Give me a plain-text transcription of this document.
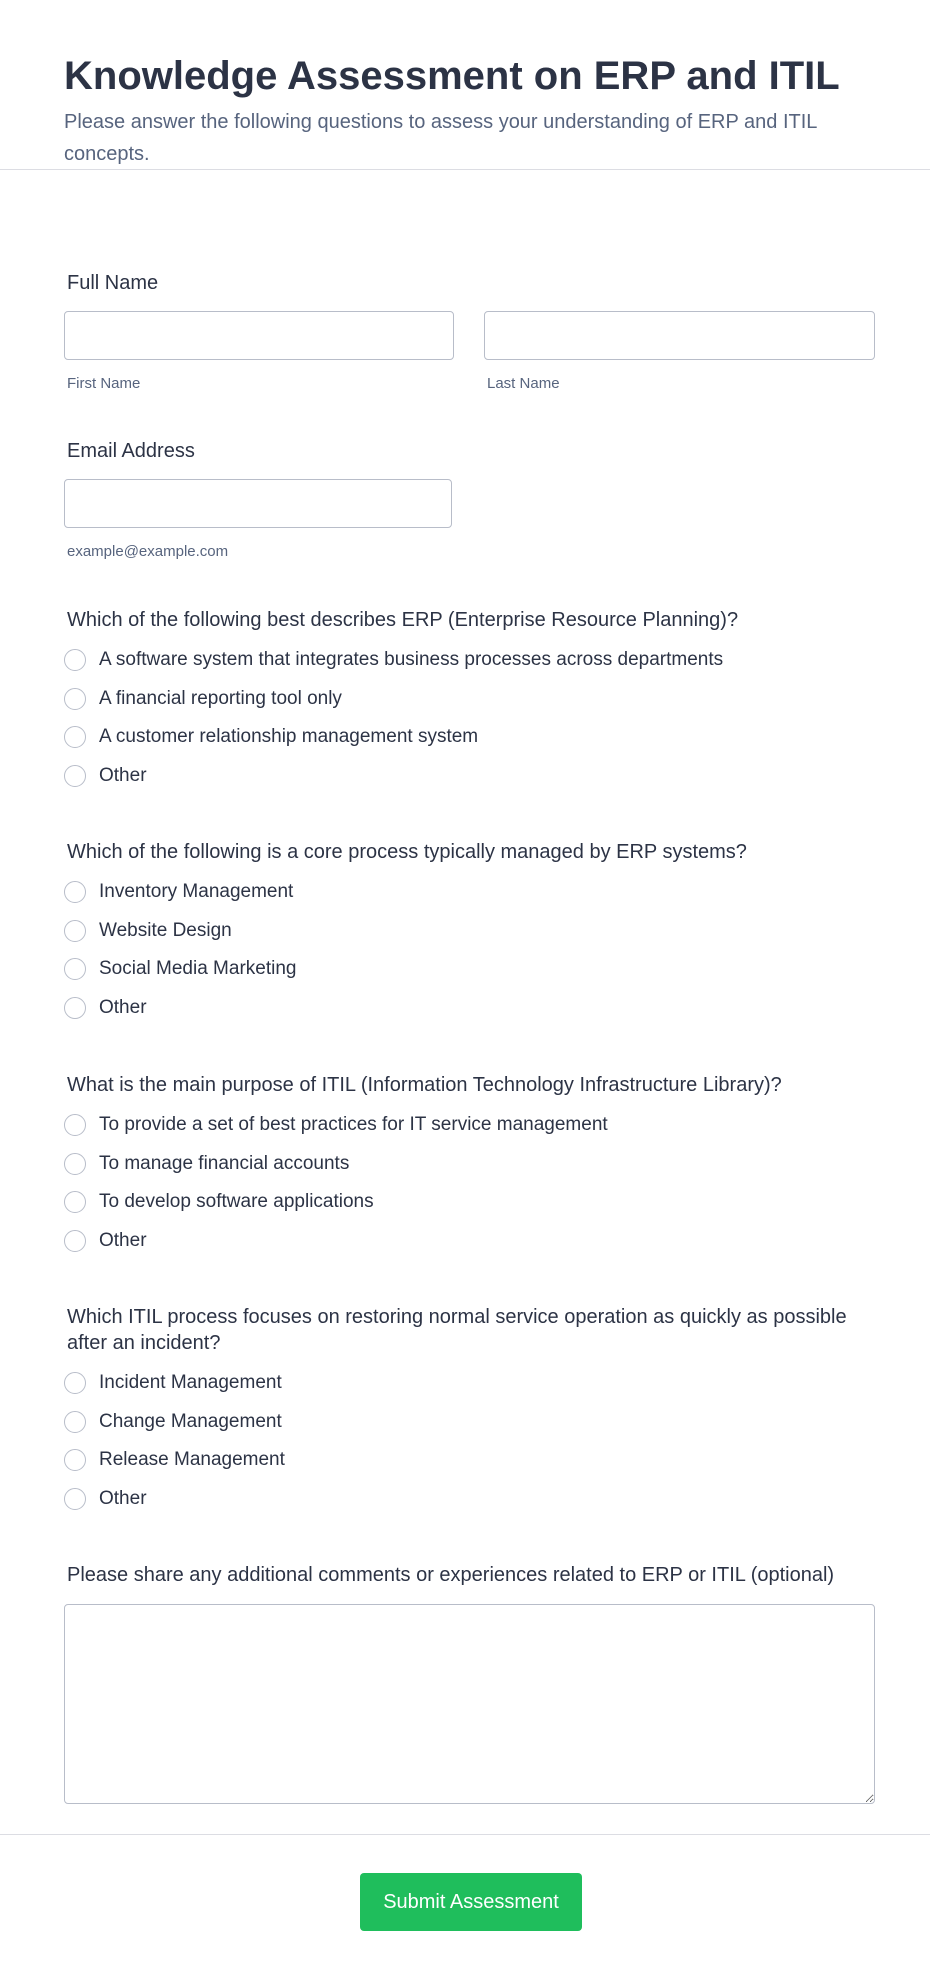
Knowledge Assessment on ERP and ITIL

Please answer the following questions to assess your understanding of ERP and ITIL concepts.

Full Name
First Name	Last Name
Email Address
example@example.com
Which of the following best describes ERP (Enterprise Resource Planning)?
A software system that integrates business processes across departments
A financial reporting tool only
A customer relationship management system
Other
Which of the following is a core process typically managed by ERP systems?
Inventory Management
Website Design
Social Media Marketing
Other
What is the main purpose of ITIL (Information Technology Infrastructure Library)?
To provide a set of best practices for IT service management
To manage financial accounts
To develop software applications
Other
Which ITIL process focuses on restoring normal service operation as quickly as possible after an incident?
Incident Management
Change Management
Release Management
Other
Please share any additional comments or experiences related to ERP or ITIL (optional)
Submit Assessment
